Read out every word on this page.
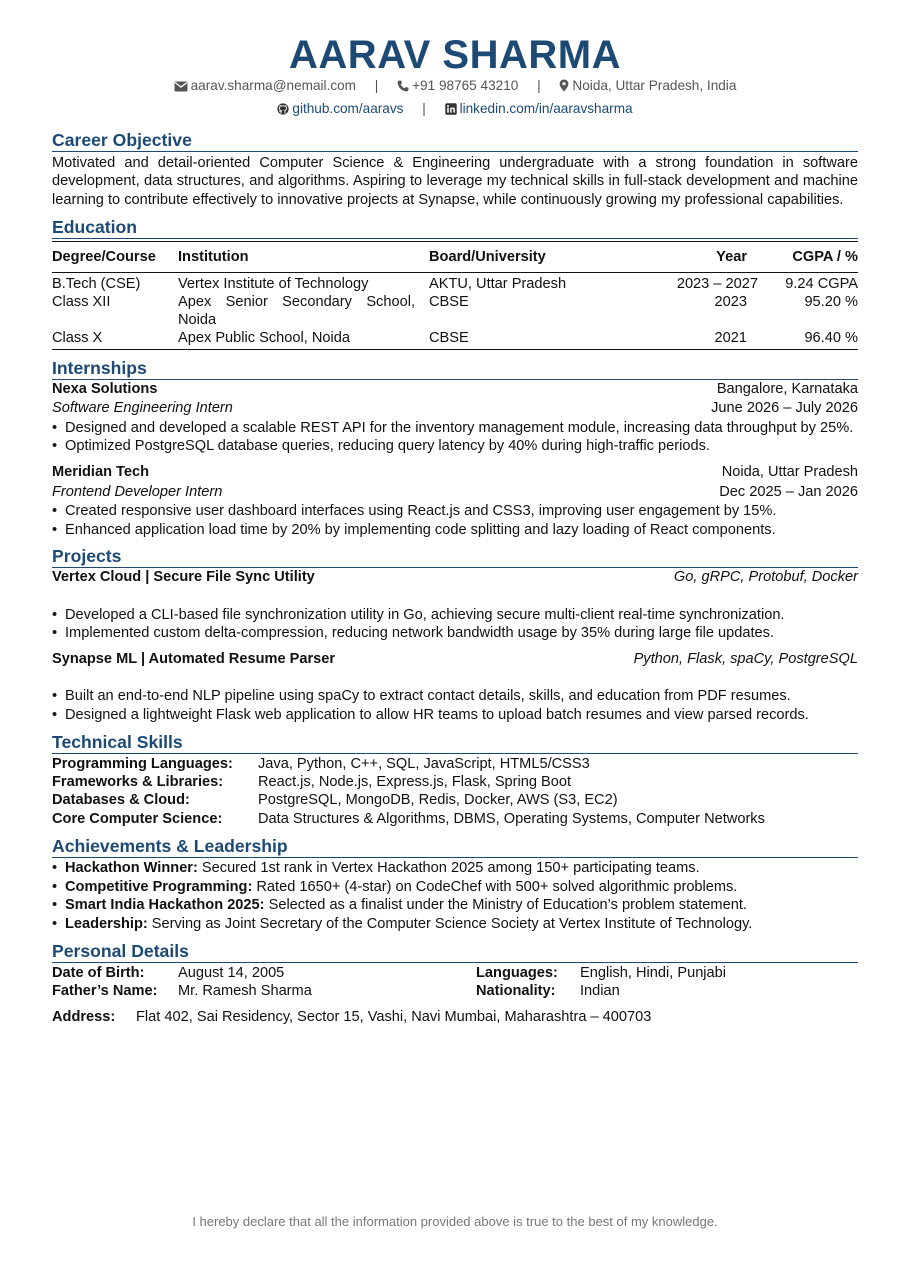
AARAV SHARMA
aarav.sharma@nemail.com | +91 98765 43210 | Noida, Uttar Pradesh, India
github.com/aaravs | linkedin.com/in/aaravsharma
Career Objective
Motivated and detail-oriented Computer Science & Engineering undergraduate with a strong foundation in software development, data structures, and algorithms. Aspiring to leverage my technical skills in full-stack development and machine learning to contribute effectively to innovative projects at Synapse, while continuously growing my professional capabilities.
Education
Degree/Course	Institution	Board/University	Year	CGPA / %
B.Tech (CSE)	Vertex Institute of Technology	AKTU, Uttar Pradesh	2023 – 2027	9.24 CGPA
Class XII	Apex Senior Secondary School, Noida	CBSE	2023	95.20 %
Class X	Apex Public School, Noida	CBSE	2021	96.40 %
Internships
Nexa Solutions	Bangalore, Karnataka
Software Engineering Intern	June 2026 – July 2026
• Designed and developed a scalable REST API for the inventory management module, increasing data throughput by 25%.
• Optimized PostgreSQL database queries, reducing query latency by 40% during high-traffic periods.
Meridian Tech	Noida, Uttar Pradesh
Frontend Developer Intern	Dec 2025 – Jan 2026
• Created responsive user dashboard interfaces using React.js and CSS3, improving user engagement by 15%.
• Enhanced application load time by 20% by implementing code splitting and lazy loading of React components.
Projects
Vertex Cloud | Secure File Sync Utility	Go, gRPC, Protobuf, Docker
• Developed a CLI-based file synchronization utility in Go, achieving secure multi-client real-time synchronization.
• Implemented custom delta-compression, reducing network bandwidth usage by 35% during large file updates.
Synapse ML | Automated Resume Parser	Python, Flask, spaCy, PostgreSQL
• Built an end-to-end NLP pipeline using spaCy to extract contact details, skills, and education from PDF resumes.
• Designed a lightweight Flask web application to allow HR teams to upload batch resumes and view parsed records.
Technical Skills
Programming Languages:	Java, Python, C++, SQL, JavaScript, HTML5/CSS3
Frameworks & Libraries:	React.js, Node.js, Express.js, Flask, Spring Boot
Databases & Cloud:	PostgreSQL, MongoDB, Redis, Docker, AWS (S3, EC2)
Core Computer Science:	Data Structures & Algorithms, DBMS, Operating Systems, Computer Networks
Achievements & Leadership
• Hackathon Winner: Secured 1st rank in Vertex Hackathon 2025 among 150+ participating teams.
• Competitive Programming: Rated 1650+ (4-star) on CodeChef with 500+ solved algorithmic problems.
• Smart India Hackathon 2025: Selected as a finalist under the Ministry of Education’s problem statement.
• Leadership: Serving as Joint Secretary of the Computer Science Society at Vertex Institute of Technology.
Personal Details
Date of Birth:	August 14, 2005	Languages:	English, Hindi, Punjabi
Father’s Name:	Mr. Ramesh Sharma	Nationality:	Indian
Address:	Flat 402, Sai Residency, Sector 15, Vashi, Navi Mumbai, Maharashtra – 400703
I hereby declare that all the information provided above is true to the best of my knowledge.
